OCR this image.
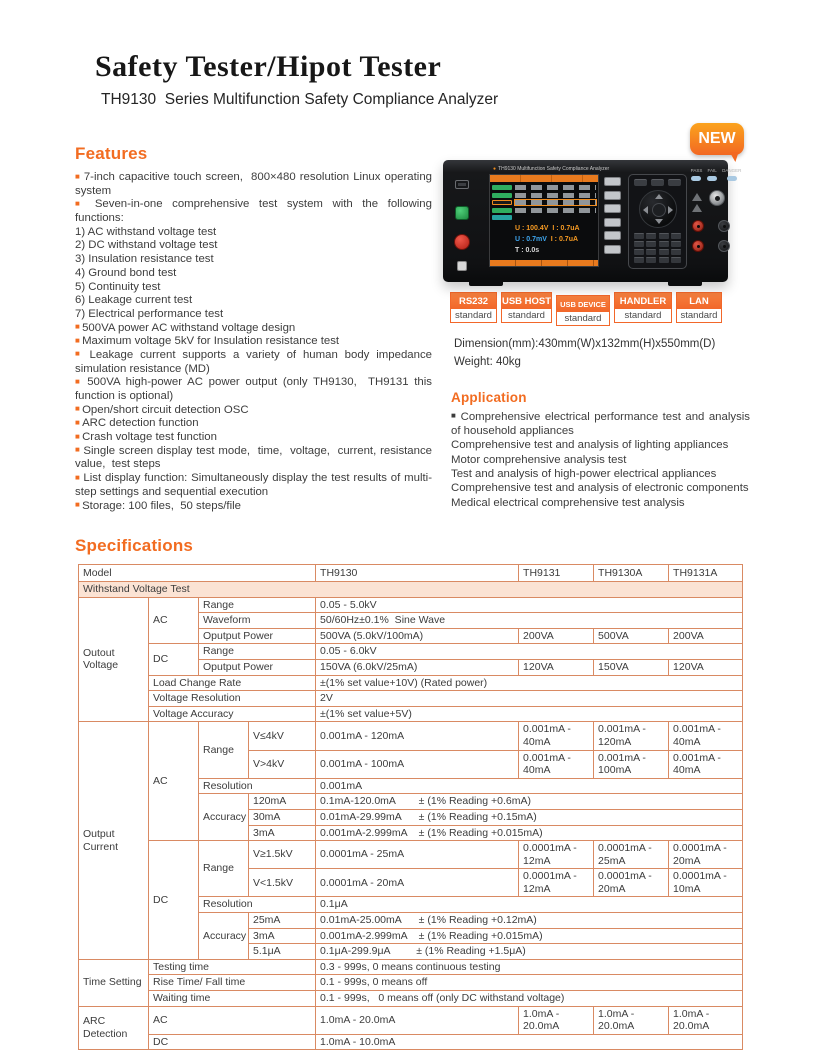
Safety Tester/Hipot Tester
TH9130  Series Multifunction Safety Compliance Analyzer
Features
■ 7-inch capacitive touch screen,  800×480 resolution Linux operating system
■ Seven-in-one comprehensive test system with the following functions:
1) AC withstand voltage test
2) DC withstand voltage test
3) Insulation resistance test
4) Ground bond test
5) Continuity test
6) Leakage current test
7) Electrical performance test
■ 500VA power AC withstand voltage design
■ Maximum voltage 5kV for Insulation resistance test
■ Leakage current supports a variety of human body impedance simulation resistance (MD)
■ 500VA high-power AC power output (only TH9130,  TH9131 this function is optional)
■ Open/short circuit detection OSC
■ ARC detection function
■ Crash voltage test function
■ Single screen display test mode,  time,  voltage,  current, resistance value,  test steps
■ List display function: Simultaneously display the test results of multi-step settings and sequential execution
■ Storage: 100 files,  50 steps/file
NEW
● TH9130 Multifunction Safety Compliance Analyzer
U : 100.4V I : 0.7uA
U : 0.7mV I : 0.7uA
T : 0.0s
PASS FAIL DANGER
RS232
standard
USB HOST
standard
USB DEVICE
standard
HANDLER
standard
LAN
standard
Dimension(mm):430mm(W)x132mm(H)x550mm(D)
Weight: 40kg
Application
■ Comprehensive electrical performance test and analysis of household appliances
Comprehensive test and analysis of lighting appliances
Motor comprehensive analysis test
Test and analysis of high-power electrical appliances
Comprehensive test and analysis of electronic components
Medical electrical comprehensive test analysis
Specifications
Model				TH9130	TH9131	TH9130A	TH9131A
Withstand Voltage Test							
Outout Voltage	AC	Range		0.05 - 5.0kV			
		Waveform		50/60Hz±0.1%  Sine Wave			
		Oputput Power		500VA (5.0kV/100mA)	200VA	500VA	200VA
	DC	Range		0.05 - 6.0kV			
		Oputput Power		150VA (6.0kV/25mA)	120VA	150VA	120VA
	Load Change Rate			±(1% set value+10V) (Rated power)			
	Voltage Resolution			2V			
	Voltage Accuracy			±(1% set value+5V)			
Output Current	AC	Range	V≤4kV	0.001mA - 120mA	0.001mA - 40mA	0.001mA - 120mA	0.001mA - 40mA
			V>4kV	0.001mA - 100mA	0.001mA - 40mA	0.001mA - 100mA	0.001mA - 40mA
		Resolution		0.001mA			
		Accuracy	120mA	0.1mA-120.0mA        ± (1% Reading +0.6mA)			
			30mA	0.01mA-29.99mA      ± (1% Reading +0.15mA)			
			3mA	0.001mA-2.999mA    ± (1% Reading +0.015mA)			
	DC	Range	V≥1.5kV	0.0001mA - 25mA	0.0001mA - 12mA	0.0001mA - 25mA	0.0001mA - 20mA
			V<1.5kV	0.0001mA - 20mA	0.0001mA - 12mA	0.0001mA - 20mA	0.0001mA - 10mA
		Resolution		0.1μA			
		Accuracy	25mA	0.01mA-25.00mA      ± (1% Reading +0.12mA)			
			3mA	0.001mA-2.999mA    ± (1% Reading +0.015mA)			
			5.1μA	0.1μA-299.9μA         ± (1% Reading +1.5μA)			
Time Setting	Testing time			0.3 - 999s, 0 means continuous testing			
	Rise Time/ Fall time			0.1 - 999s, 0 means off			
	Waiting time			0.1 - 999s,   0 means off (only DC withstand voltage)			
ARC Detection	AC			1.0mA - 20.0mA	1.0mA - 20.0mA	1.0mA - 20.0mA	1.0mA - 20.0mA
	DC			1.0mA - 10.0mA			
